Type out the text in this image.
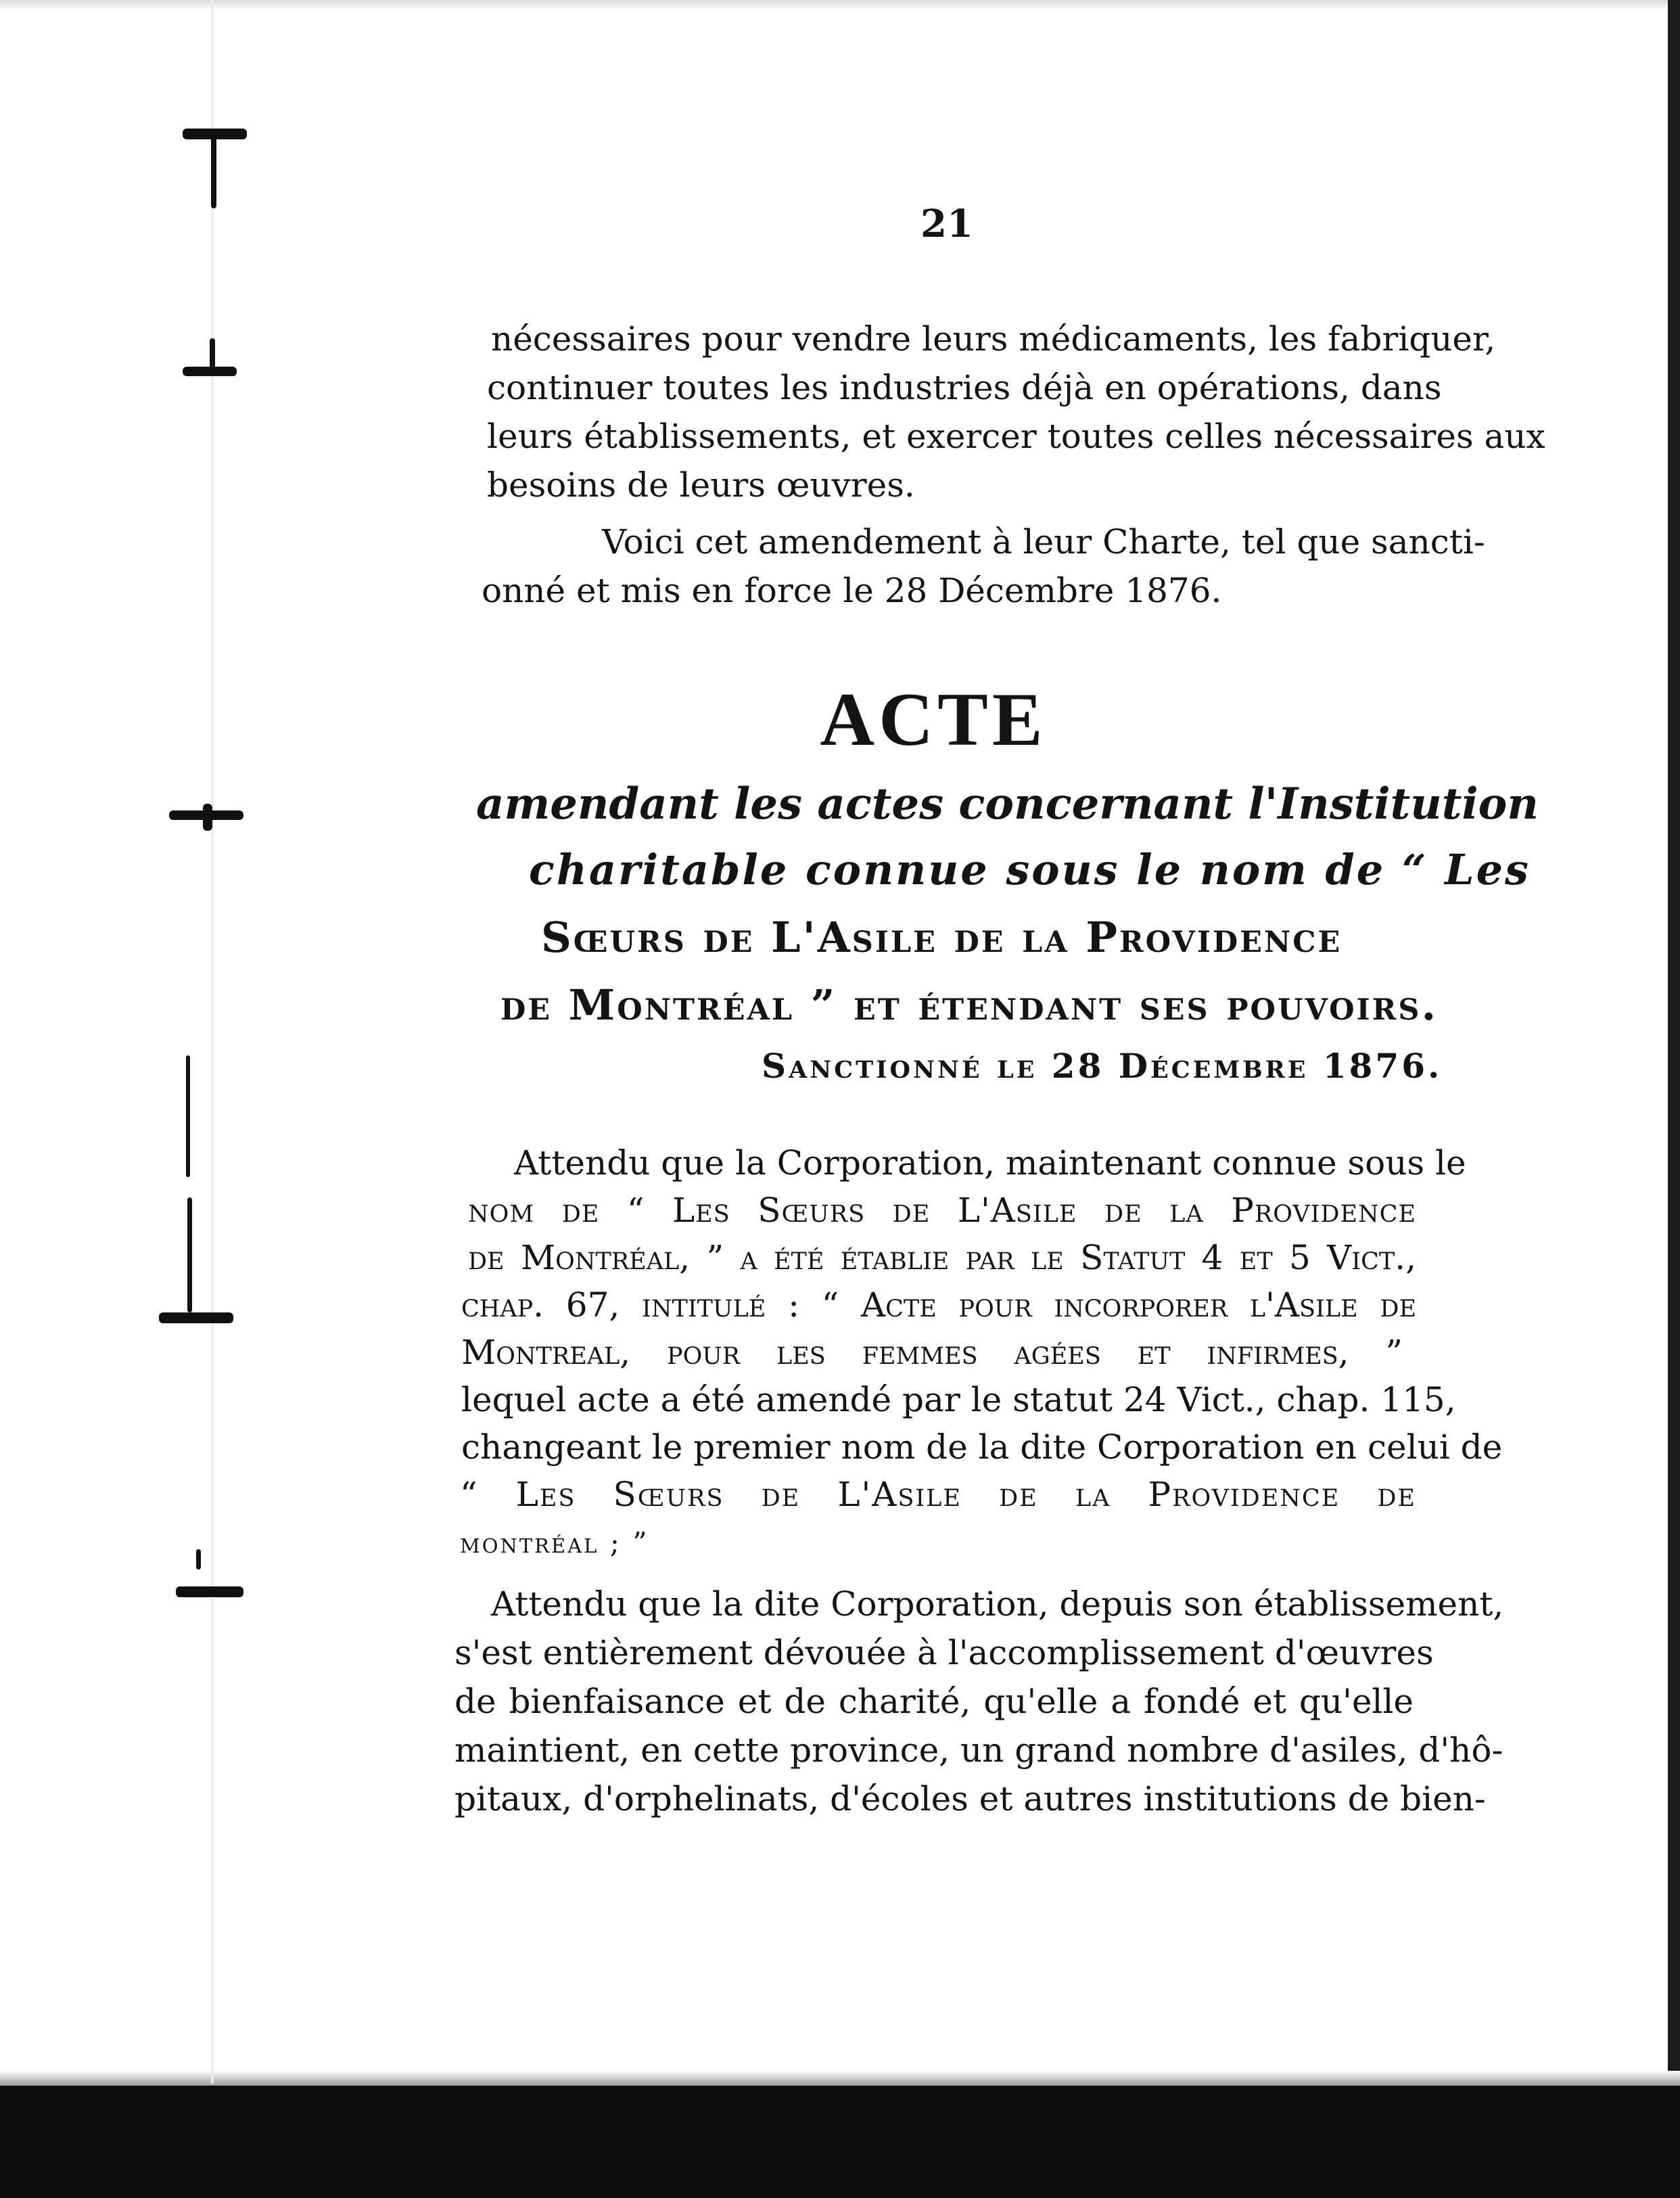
21
nécessaires pour vendre leurs médicaments, les fabriquer,
continuer toutes les industries déjà en opérations, dans
leurs établissements, et exercer toutes celles nécessaires aux
besoins de leurs œuvres.
Voici cet amendement à leur Charte, tel que sancti-
onné et mis en force le 28 Décembre 1876.
ACTE
amendant les actes concernant l'Institution
charitable connue sous le nom de “ Les
Sœurs de L'Asile de la Providence
de Montréal ” et étendant ses pouvoirs.
Sanctionné le 28 Décembre 1876.
Attendu que la Corporation, maintenant connue sous le
nom de “ Les Sœurs de L'Asile de la Providence
de Montréal, ” a été établie par le Statut 4 et 5 Vict.,
chap. 67, intitulé : “ Acte pour incorporer l'Asile de
Montreal, pour les femmes agées et infirmes, ”
lequel acte a été amendé par le statut 24 Vict., chap. 115,
changeant le premier nom de la dite Corporation en celui de
“ Les Sœurs de L'Asile de la Providence de
montréal ; ”
Attendu que la dite Corporation, depuis son établissement,
s'est entièrement dévouée à l'accomplissement d'œuvres
de bienfaisance et de charité, qu'elle a fondé et qu'elle
maintient, en cette province, un grand nombre d'asiles, d'hô-
pitaux, d'orphelinats, d'écoles et autres institutions de bien-
